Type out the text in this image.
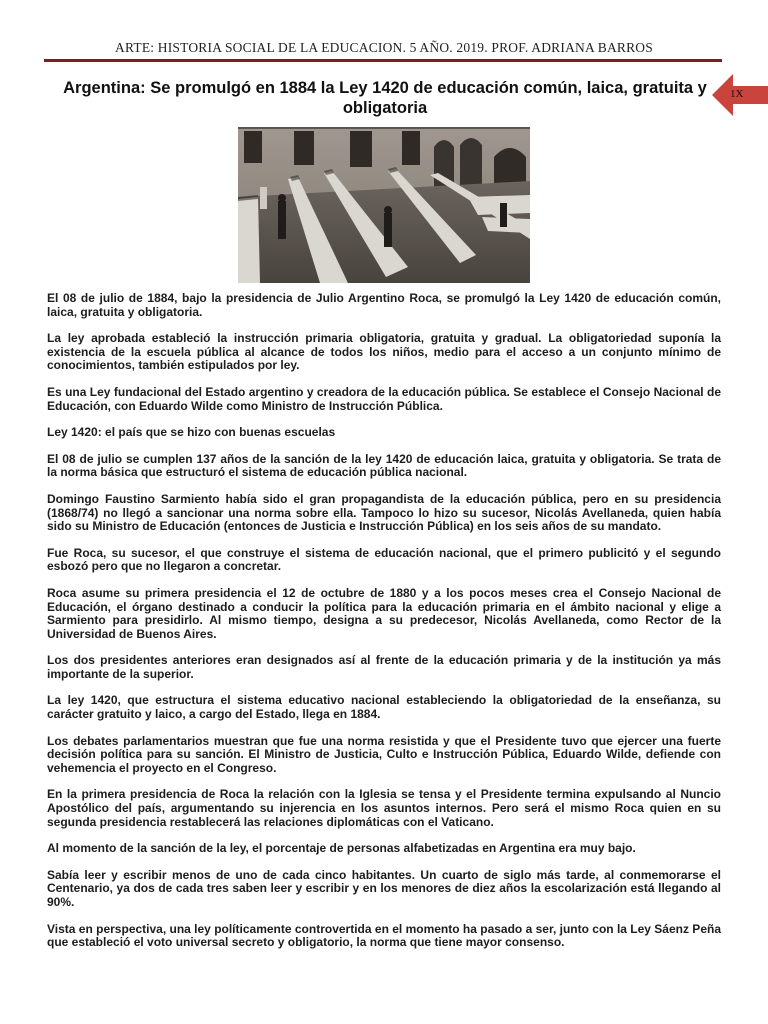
ARTE: HISTORIA SOCIAL DE LA EDUCACION. 5 AÑO. 2019. PROF. ADRIANA BARROS
Argentina: Se promulgó en 1884 la Ley 1420 de educación común, laica, gratuita y obligatoria
1X

El 08 de julio de 1884, bajo la presidencia de Julio Argentino Roca, se promulgó la Ley 1420 de educación común, laica, gratuita y obligatoria.

La ley aprobada estableció la instrucción primaria obligatoria, gratuita y gradual. La obligatoriedad suponía la existencia de la escuela pública al alcance de todos los niños, medio para el acceso a un conjunto mínimo de conocimientos, también estipulados por ley.

Es una Ley fundacional del Estado argentino y creadora de la educación pública. Se establece el Consejo Nacional de Educación, con Eduardo Wilde como Ministro de Instrucción Pública.

Ley 1420: el país que se hizo con buenas escuelas

El 08 de julio se cumplen 137 años de la sanción de la ley 1420 de educación laica, gratuita y obligatoria. Se trata de la norma básica que estructuró el sistema de educación pública nacional.

Domingo Faustino Sarmiento había sido el gran propagandista de la educación pública, pero en su presidencia (1868/74) no llegó a sancionar una norma sobre ella. Tampoco lo hizo su sucesor, Nicolás Avellaneda, quien había sido su Ministro de Educación (entonces de Justicia e Instrucción Pública) en los seis años de su mandato.

Fue Roca, su sucesor, el que construye el sistema de educación nacional, que el primero publicitó y el segundo esbozó pero que no llegaron a concretar.

Roca asume su primera presidencia el 12 de octubre de 1880 y a los pocos meses crea el Consejo Nacional de Educación, el órgano destinado a conducir la política para la educación primaria en el ámbito nacional y elige a Sarmiento para presidirlo. Al mismo tiempo, designa a su predecesor, Nicolás Avellaneda, como Rector de la Universidad de Buenos Aires.

Los dos presidentes anteriores eran designados así al frente de la educación primaria y de la institución ya más importante de la superior.

La ley 1420, que estructura el sistema educativo nacional estableciendo la obligatoriedad de la enseñanza, su carácter gratuito y laico, a cargo del Estado, llega en 1884.

Los debates parlamentarios muestran que fue una norma resistida y que el Presidente tuvo que ejercer una fuerte decisión política para su sanción. El Ministro de Justicia, Culto e Instrucción Pública, Eduardo Wilde, defiende con vehemencia el proyecto en el Congreso.

En la primera presidencia de Roca la relación con la Iglesia se tensa y el Presidente termina expulsando al Nuncio Apostólico del país, argumentando su injerencia en los asuntos internos. Pero será el mismo Roca quien en su segunda presidencia restablecerá las relaciones diplomáticas con el Vaticano.

Al momento de la sanción de la ley, el porcentaje de personas alfabetizadas en Argentina era muy bajo.

Sabía leer y escribir menos de uno de cada cinco habitantes. Un cuarto de siglo más tarde, al conmemorarse el Centenario, ya dos de cada tres saben leer y escribir y en los menores de diez años la escolarización está llegando al 90%.

Vista en perspectiva, una ley políticamente controvertida en el momento ha pasado a ser, junto con la Ley Sáenz Peña que estableció el voto universal secreto y obligatorio, la norma que tiene mayor consenso.
